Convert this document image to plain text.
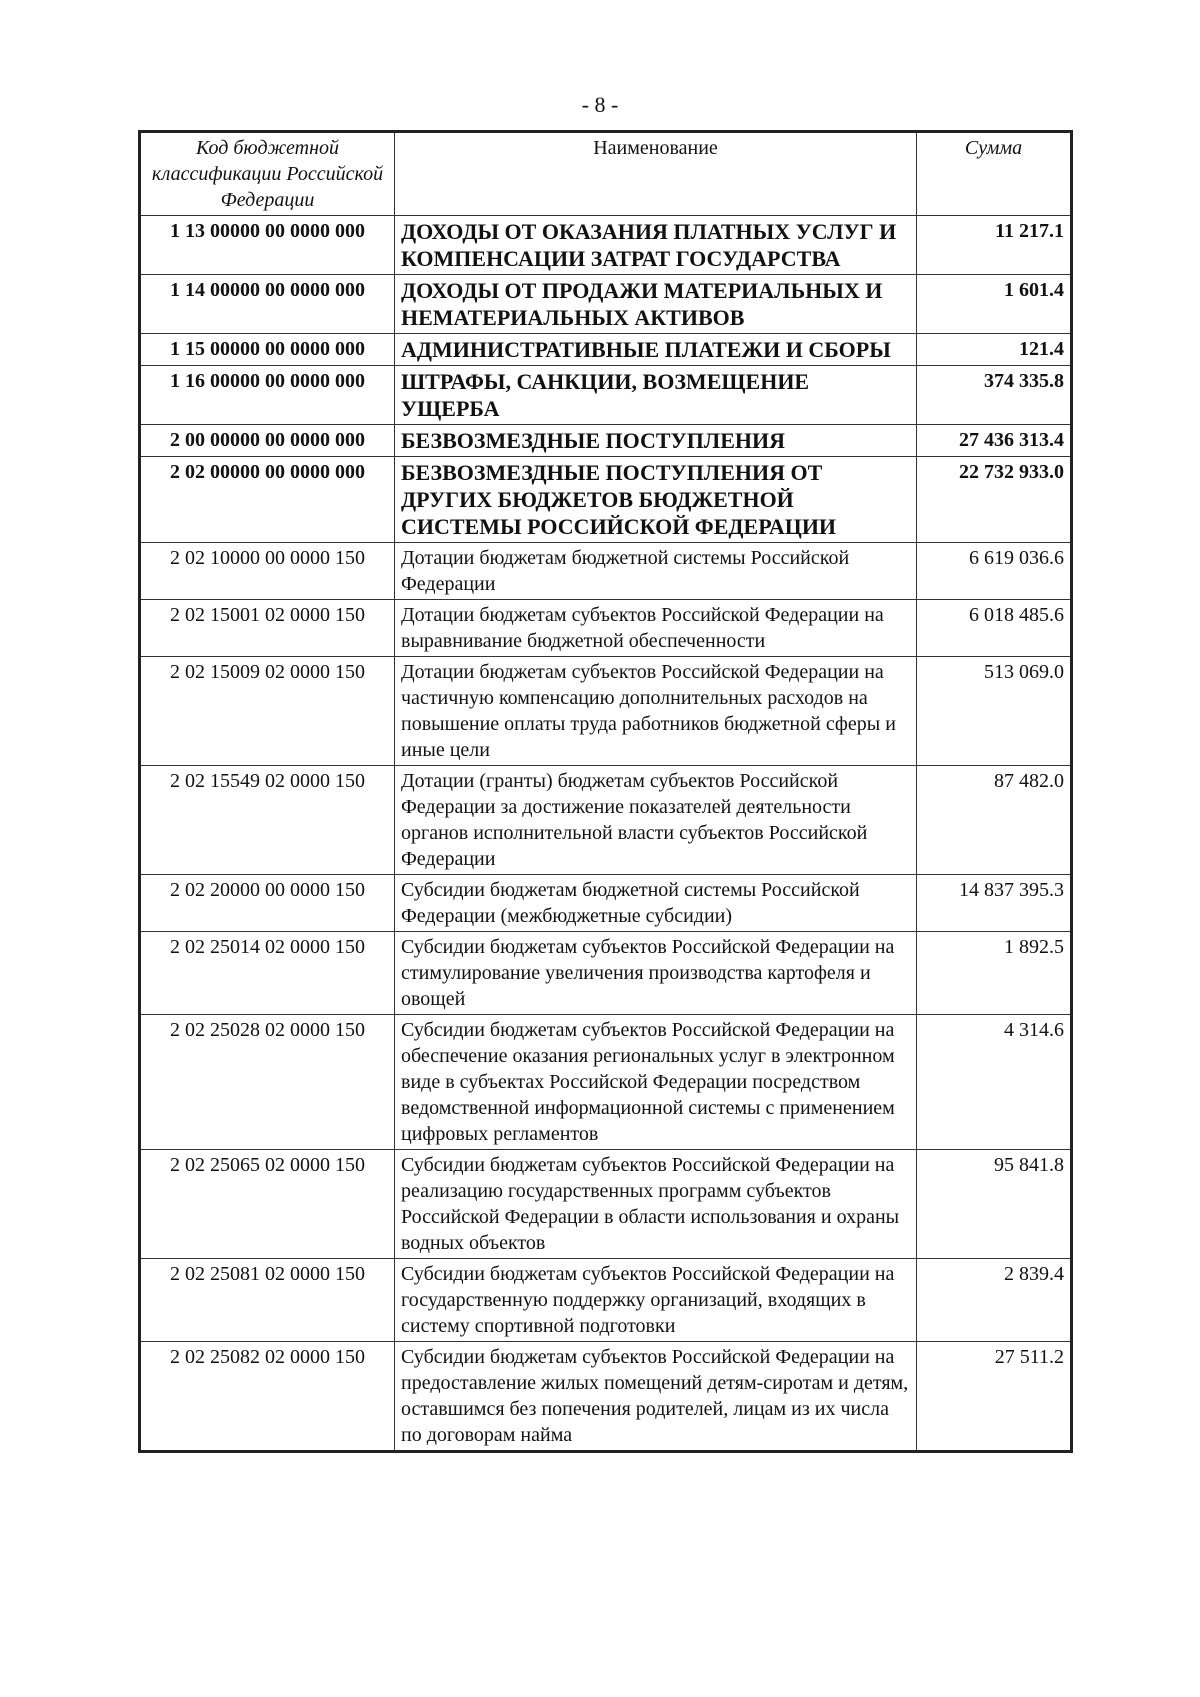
- 8 -
Код бюджетной классификации Российской Федерации	Наименование	Сумма
1 13 00000 00 0000 000	ДОХОДЫ ОТ ОКАЗАНИЯ ПЛАТНЫХ УСЛУГ И КОМПЕНСАЦИИ ЗАТРАТ ГОСУДАРСТВА	11 217.1
1 14 00000 00 0000 000	ДОХОДЫ ОТ ПРОДАЖИ МАТЕРИАЛЬНЫХ И НЕМАТЕРИАЛЬНЫХ АКТИВОВ	1 601.4
1 15 00000 00 0000 000	АДМИНИСТРАТИВНЫЕ ПЛАТЕЖИ И СБОРЫ	121.4
1 16 00000 00 0000 000	ШТРАФЫ, САНКЦИИ, ВОЗМЕЩЕНИЕ УЩЕРБА	374 335.8
2 00 00000 00 0000 000	БЕЗВОЗМЕЗДНЫЕ ПОСТУПЛЕНИЯ	27 436 313.4
2 02 00000 00 0000 000	БЕЗВОЗМЕЗДНЫЕ ПОСТУПЛЕНИЯ ОТ ДРУГИХ БЮДЖЕТОВ БЮДЖЕТНОЙ СИСТЕМЫ РОССИЙСКОЙ ФЕДЕРАЦИИ	22 732 933.0
2 02 10000 00 0000 150	Дотации бюджетам бюджетной системы Российской Федерации	6 619 036.6
2 02 15001 02 0000 150	Дотации бюджетам субъектов Российской Федерации на выравнивание бюджетной обеспеченности	6 018 485.6
2 02 15009 02 0000 150	Дотации бюджетам субъектов Российской Федерации на частичную компенсацию дополнительных расходов на повышение оплаты труда работников бюджетной сферы и иные цели	513 069.0
2 02 15549 02 0000 150	Дотации (гранты) бюджетам субъектов Российской Федерации за достижение показателей деятельности органов исполнительной власти субъектов Российской Федерации	87 482.0
2 02 20000 00 0000 150	Субсидии бюджетам бюджетной системы Российской Федерации (межбюджетные субсидии)	14 837 395.3
2 02 25014 02 0000 150	Субсидии бюджетам субъектов Российской Федерации на стимулирование увеличения производства картофеля и овощей	1 892.5
2 02 25028 02 0000 150	Субсидии бюджетам субъектов Российской Федерации на обеспечение оказания региональных услуг в электронном виде в субъектах Российской Федерации посредством ведомственной информационной системы с применением цифровых регламентов	4 314.6
2 02 25065 02 0000 150	Субсидии бюджетам субъектов Российской Федерации на реализацию государственных программ субъектов Российской Федерации в области использования и охраны водных объектов	95 841.8
2 02 25081 02 0000 150	Субсидии бюджетам субъектов Российской Федерации на государственную поддержку организаций, входящих в систему спортивной подготовки	2 839.4
2 02 25082 02 0000 150	Субсидии бюджетам субъектов Российской Федерации на предоставление жилых помещений детям-сиротам и детям, оставшимся без попечения родителей, лицам из их числа по договорам найма	27 511.2
